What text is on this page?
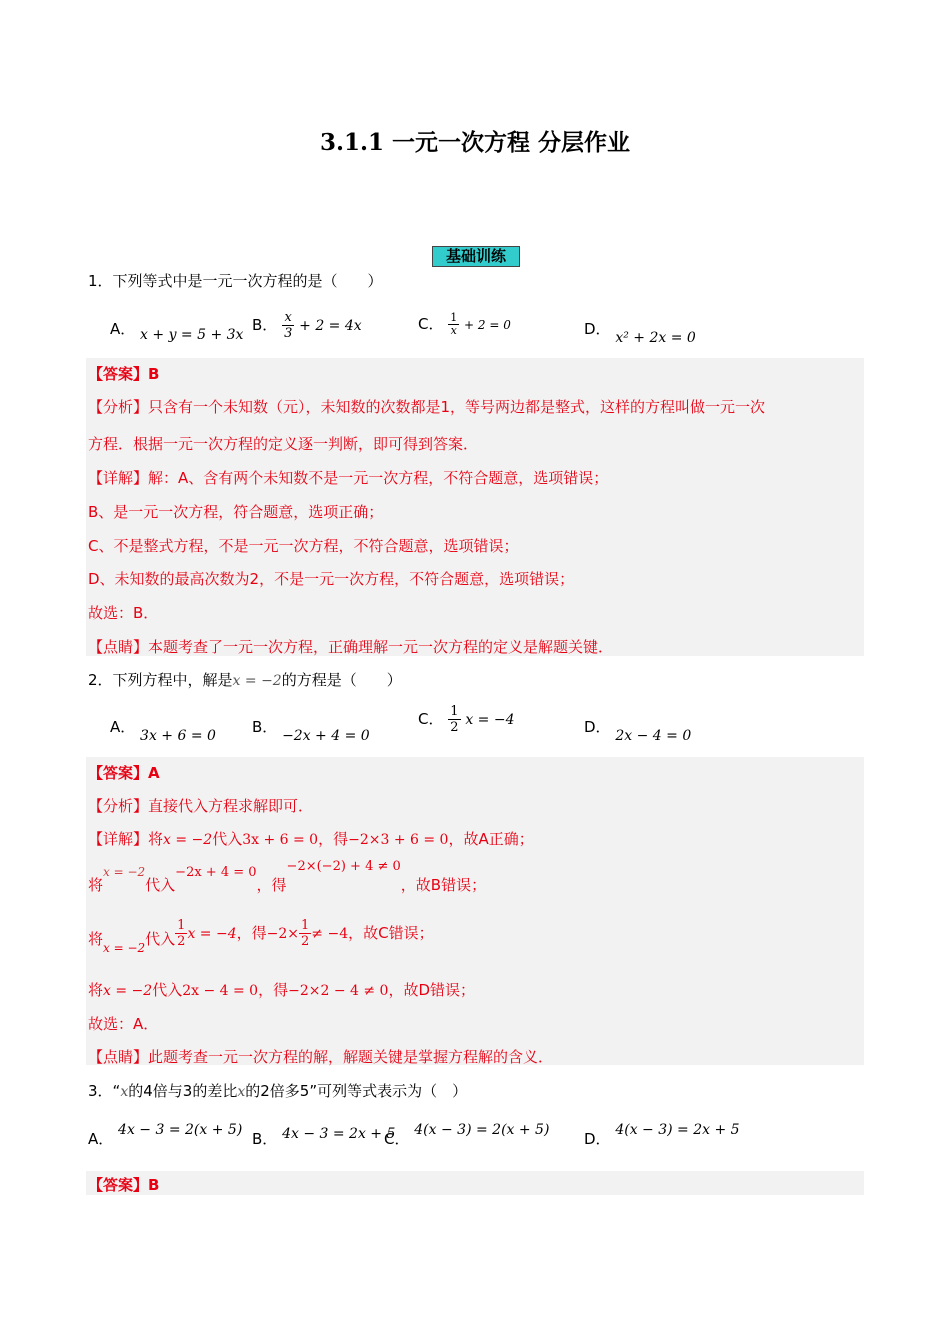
3.1.1 一元一次方程 分层作业
基础训练
1．下列等式中是一元一次方程的是（　　）
A． x + y = 5 + 3x
B． $\frac{x}{3} + 2 = 4x$	C． $\frac{1}{x} + 2 = 0$	D． x² + 2x = 0
【答案】B
【分析】只含有一个未知数（元），未知数的次数都是1，等号两边都是整式，这样的方程叫做一元一次
方程．根据一元一次方程的定义逐一判断，即可得到答案．
【详解】解：A、含有两个未知数不是一元一次方程，不符合题意，选项错误；
B、是一元一次方程，符合题意，选项正确；
C、不是整式方程，不是一元一次方程，不符合题意，选项错误；
D、未知数的最高次数为2，不是一元一次方程，不符合题意，选项错误；
故选：B．
【点睛】本题考查了一元一次方程，正确理解一元一次方程的定义是解题关键．
2．下列方程中，解是x = −2的方程是（　　）
A． 3x + 6 = 0 B． −2x + 4 = 0
C． $\frac{1}{2}$ x = −4	D． 2x − 4 = 0
【答案】A
【分析】直接代入方程求解即可．
【详解】将x = −2代入3x + 6 = 0，得−2×3 + 6 = 0，故A正确；
将x = −2代入−2x + 4 = 0，得−2×(−2) + 4 ≠ 0，故B错误；
将$_{x = -2}$代入 $\frac{1}{2}$ x = −4，得$-2\times \frac{1}{2} \ne -4$，故C错误；
将x = −2代入2x − 4 = 0，得−2×2 − 4 ≠ 0，故D错误；
故选：A．
【点睛】此题考查一元一次方程的解，解题关键是掌握方程解的含义．
3．“x的4倍与3的差比x的2倍多5”可列等式表示为（　）
A． 4x − 3 = 2(x + 5) B． 4x − 3 = 2x + 5
C． 4(x − 3) = 2(x + 5) D． 4(x − 3) = 2x + 5
【答案】B
